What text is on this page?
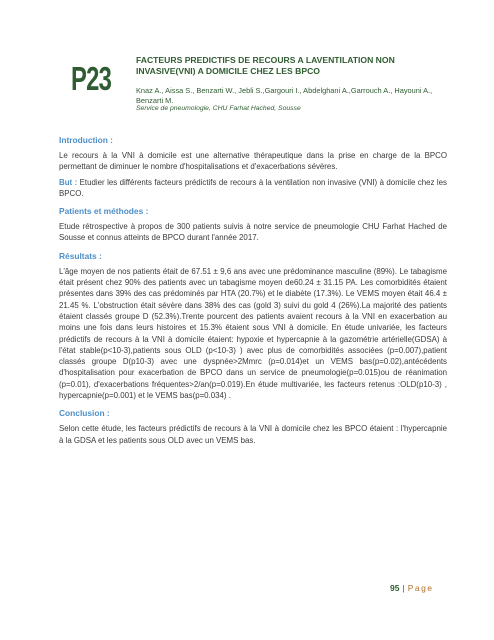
P23	FACTEURS PREDICTIFS DE RECOURS A LAVENTILATION NON INVASIVE(VNI) A DOMICILE CHEZ LES BPCO
Knaz A., Aissa S., Benzarti W., Jebli S.,Gargouri I., Abdelghani A.,Garrouch A., Hayouni A., Benzarti M.
Service de pneumologie, CHU Farhat Hached, Sousse
Introduction :

Le recours à la VNI à domicile est une alternative thérapeutique dans la prise en charge de la BPCO permettant de diminuer le nombre d'hospitalisations et d'exacerbations sévères.

But : Etudier les différents facteurs prédictifs de recours à la ventilation non invasive (VNI) à domicile chez les BPCO.

Patients et méthodes :

Etude rétrospective à propos de 300 patients suivis à notre service de pneumologie CHU Farhat Hached de Sousse et connus atteints de BPCO durant l'année 2017.

Résultats :

L'âge moyen de nos patients était de 67.51 ± 9,6 ans avec une prédominance masculine (89%). Le tabagisme était présent chez 90% des patients avec un tabagisme moyen de60.24 ± 31.15 PA. Les comorbidités étaient présentes dans 39% des cas prédominés par HTA (20.7%) et le diabète (17.3%). Le VEMS moyen était 46.4 ± 21.45 %. L'obstruction était sévère dans 38% des cas (gold 3) suivi du gold 4 (26%).La majorité des patients étaient classés groupe D (52.3%).Trente pourcent des patients avaient recours à la VNI en exacerbation au moins une fois dans leurs histoires et 15.3% étaient sous VNI à domicile. En étude univariée, les facteurs prédictifs de recours à la VNI à domicile étaient: hypoxie et hypercapnie à la gazométrie artérielle(GDSA) à l'état stable(p<10-3),patients sous OLD (p<10-3) ) avec plus de comorbidités associées (p=0.007),patient classés groupe D(p10-3) avec une dyspnée>2Mmrc (p=0.014)et un VEMS bas(p=0.02),antécédents d'hospitalisation pour exacerbation de BPCO dans un service de pneumologie(p=0.015)ou de réanimation (p=0.01), d'exacerbations fréquentes>2/an(p=0.019).En étude multivariée, les facteurs retenus :OLD(p10-3) , hypercapnie(p=0.001) et le VEMS bas(p=0.034) .

Conclusion :

Selon cette étude, les facteurs prédictifs de recours à la VNI à domicile chez les BPCO étaient : l'hypercapnie à la GDSA et les patients sous OLD avec un VEMS bas.

95 | Page
